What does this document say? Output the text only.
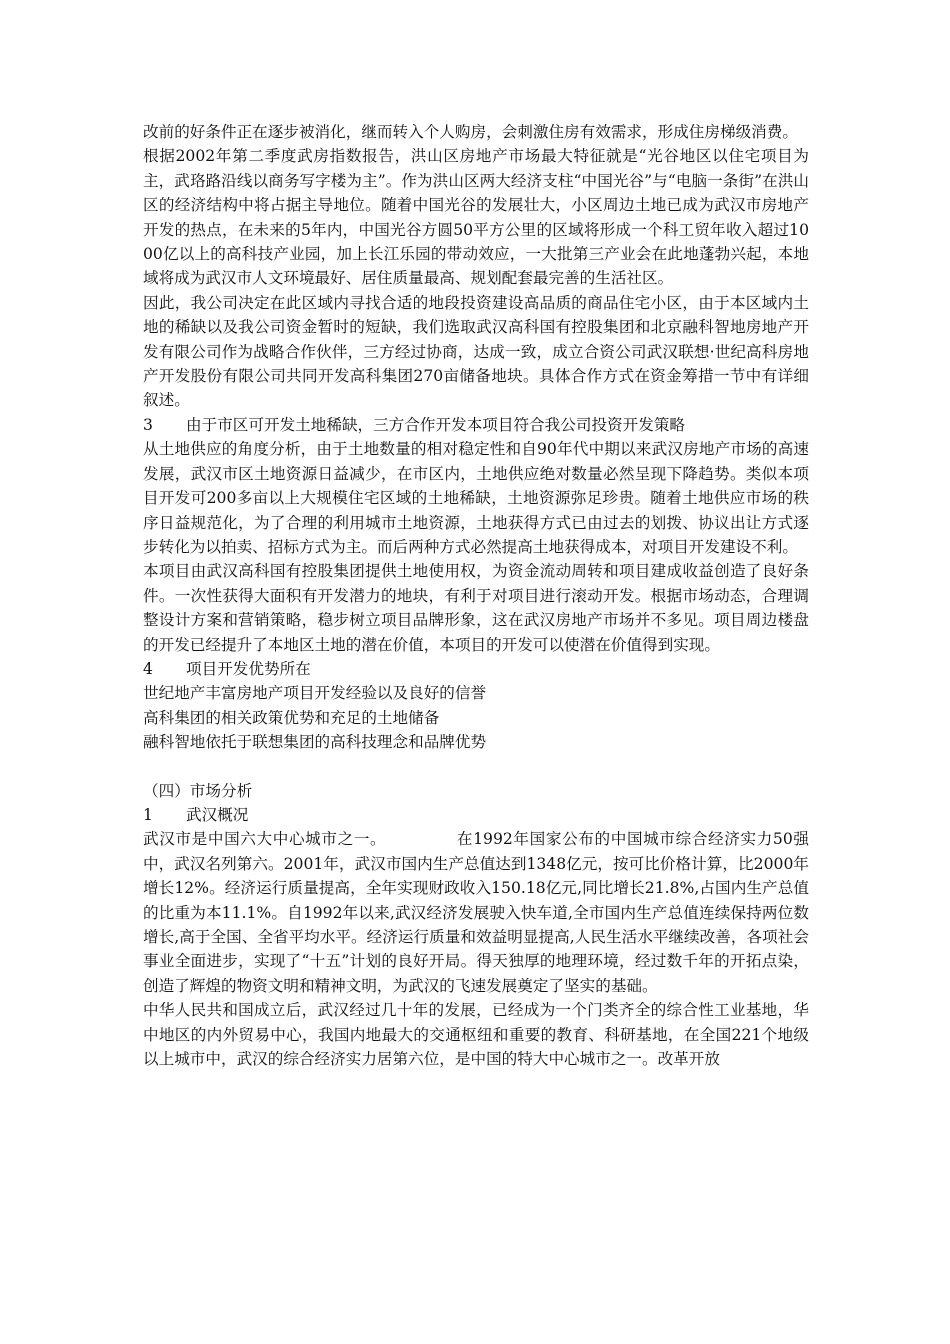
改前的好条件正在逐步被消化，继而转入个人购房，会刺激住房有效需求，形成住房梯级消费。

根据2002年第二季度武房指数报告，洪山区房地产市场最大特征就是“光谷地区以住宅项目为主，武珞路沿线以商务写字楼为主”。作为洪山区两大经济支柱“中国光谷”与“电脑一条街”在洪山区的经济结构中将占据主导地位。随着中国光谷的发展壮大，小区周边土地已成为武汉市房地产开发的热点，在未来的5年内，中国光谷方圆50平方公里的区域将形成一个科工贸年收入超过1000亿以上的高科技产业园，加上长江乐园的带动效应，一大批第三产业会在此地蓬勃兴起，本地域将成为武汉市人文环境最好、居住质量最高、规划配套最完善的生活社区。

因此，我公司决定在此区域内寻找合适的地段投资建设高品质的商品住宅小区，由于本区域内土地的稀缺以及我公司资金暂时的短缺，我们选取武汉高科国有控股集团和北京融科智地房地产开发有限公司作为战略合作伙伴，三方经过协商，达成一致，成立合资公司武汉联想·世纪高科房地产开发股份有限公司共同开发高科集团270亩储备地块。具体合作方式在资金筹措一节中有详细叙述。

3	由于市区可开发土地稀缺，三方合作开发本项目符合我公司投资开发策略

从土地供应的角度分析，由于土地数量的相对稳定性和自90年代中期以来武汉房地产市场的高速发展，武汉市区土地资源日益减少，在市区内，土地供应绝对数量必然呈现下降趋势。类似本项目开发可200多亩以上大规模住宅区域的土地稀缺，土地资源弥足珍贵。随着土地供应市场的秩序日益规范化，为了合理的利用城市土地资源，土地获得方式已由过去的划拨、协议出让方式逐步转化为以拍卖、招标方式为主。而后两种方式必然提高土地获得成本，对项目开发建设不利。

本项目由武汉高科国有控股集团提供土地使用权，为资金流动周转和项目建成收益创造了良好条件。一次性获得大面积有开发潜力的地块，有利于对项目进行滚动开发。根据市场动态，合理调整设计方案和营销策略，稳步树立项目品牌形象，这在武汉房地产市场并不多见。项目周边楼盘的开发已经提升了本地区土地的潜在价值，本项目的开发可以使潜在价值得到实现。

4	项目开发优势所在

世纪地产丰富房地产项目开发经验以及良好的信誉

高科集团的相关政策优势和充足的土地储备

融科智地依托于联想集团的高科技理念和品牌优势

（四）市场分析

1	武汉概况

武汉市是中国六大中心城市之一。	在1992年国家公布的中国城市综合经济实力50强中，武汉名列第六。2001年，武汉市国内生产总值达到1348亿元，按可比价格计算，比2000年增长12%。经济运行质量提高，全年实现财政收入150.18亿元,同比增长21.8%,占国内生产总值的比重为本11.1%。自1992年以来,武汉经济发展驶入快车道,全市国内生产总值连续保持两位数增长,高于全国、全省平均水平。经济运行质量和效益明显提高,人民生活水平继续改善，各项社会事业全面进步，实现了“十五”计划的良好开局。得天独厚的地理环境，经过数千年的开拓点染，创造了辉煌的物资文明和精神文明，为武汉的飞速发展奠定了坚实的基础。

中华人民共和国成立后，武汉经过几十年的发展，已经成为一个门类齐全的综合性工业基地，华中地区的内外贸易中心，我国内地最大的交通枢纽和重要的教育、科研基地，在全国221个地级以上城市中，武汉的综合经济实力居第六位，是中国的特大中心城市之一。改革开放
